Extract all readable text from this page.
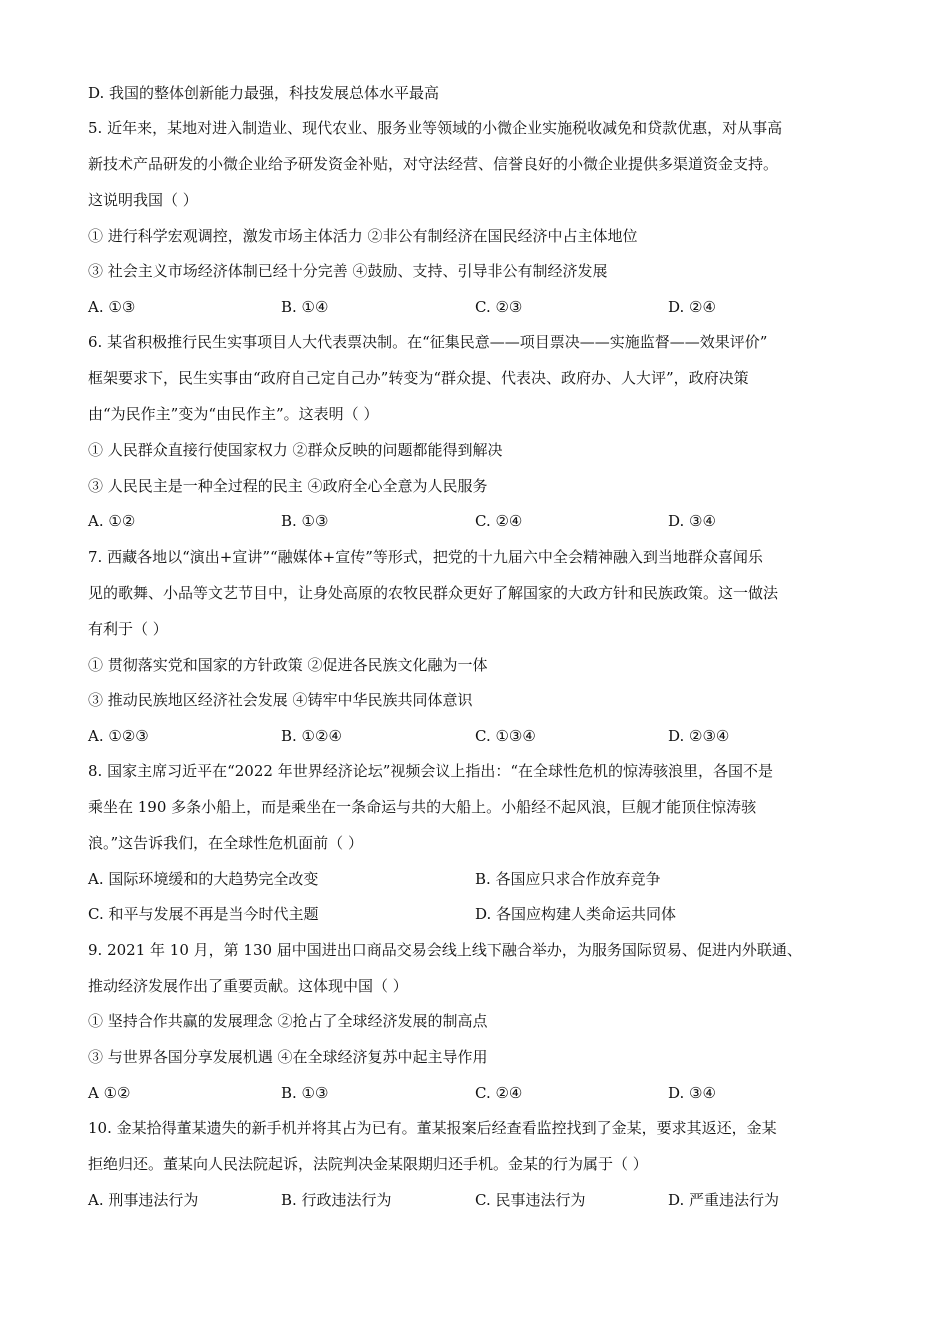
D. 我国的整体创新能力最强，科技发展总体水平最高
5. 近年来，某地对进入制造业、现代农业、服务业等领域的小微企业实施税收减免和贷款优惠，对从事高
新技术产品研发的小微企业给予研发资金补贴，对守法经营、信誉良好的小微企业提供多渠道资金支持。
这说明我国（ ）
① 进行科学宏观调控，激发市场主体活力 ②非公有制经济在国民经济中占主体地位
③ 社会主义市场经济体制已经十分完善 ④鼓励、支持、引导非公有制经济发展
A. ①③	B. ①④	C. ②③	D. ②④
6. 某省积极推行民生实事项目人大代表票决制。在“征集民意——项目票决——实施监督——效果评价”
框架要求下，民生实事由“政府自己定自己办”转变为“群众提、代表决、政府办、人大评”，政府决策
由“为民作主”变为“由民作主”。这表明（ ）
① 人民群众直接行使国家权力 ②群众反映的问题都能得到解决
③ 人民民主是一种全过程的民主 ④政府全心全意为人民服务
A. ①②	B. ①③	C. ②④	D. ③④
7. 西藏各地以“演出+宣讲”“融媒体+宣传”等形式，把党的十九届六中全会精神融入到当地群众喜闻乐
见的歌舞、小品等文艺节目中，让身处高原的农牧民群众更好了解国家的大政方针和民族政策。这一做法
有利于（ ）
① 贯彻落实党和国家的方针政策 ②促进各民族文化融为一体
③ 推动民族地区经济社会发展 ④铸牢中华民族共同体意识
A. ①②③	B. ①②④	C. ①③④	D. ②③④
8. 国家主席习近平在“2022 年世界经济论坛”视频会议上指出：“在全球性危机的惊涛骇浪里，各国不是
乘坐在 190 多条小船上，而是乘坐在一条命运与共的大船上。小船经不起风浪，巨舰才能顶住惊涛骇
浪。”这告诉我们，在全球性危机面前（ ）
A. 国际环境缓和的大趋势完全改变	B. 各国应只求合作放弃竞争
C. 和平与发展不再是当今时代主题	D. 各国应构建人类命运共同体
9. 2021 年 10 月，第 130 届中国进出口商品交易会线上线下融合举办，为服务国际贸易、促进内外联通、
推动经济发展作出了重要贡献。这体现中国（ ）
① 坚持合作共赢的发展理念 ②抢占了全球经济发展的制高点
③ 与世界各国分享发展机遇 ④在全球经济复苏中起主导作用
A ①②	B. ①③	C. ②④	D. ③④
10. 金某拾得董某遗失的新手机并将其占为已有。董某报案后经查看监控找到了金某，要求其返还，金某
拒绝归还。董某向人民法院起诉，法院判决金某限期归还手机。金某的行为属于（ ）
A. 刑事违法行为	B. 行政违法行为	C. 民事违法行为	D. 严重违法行为
